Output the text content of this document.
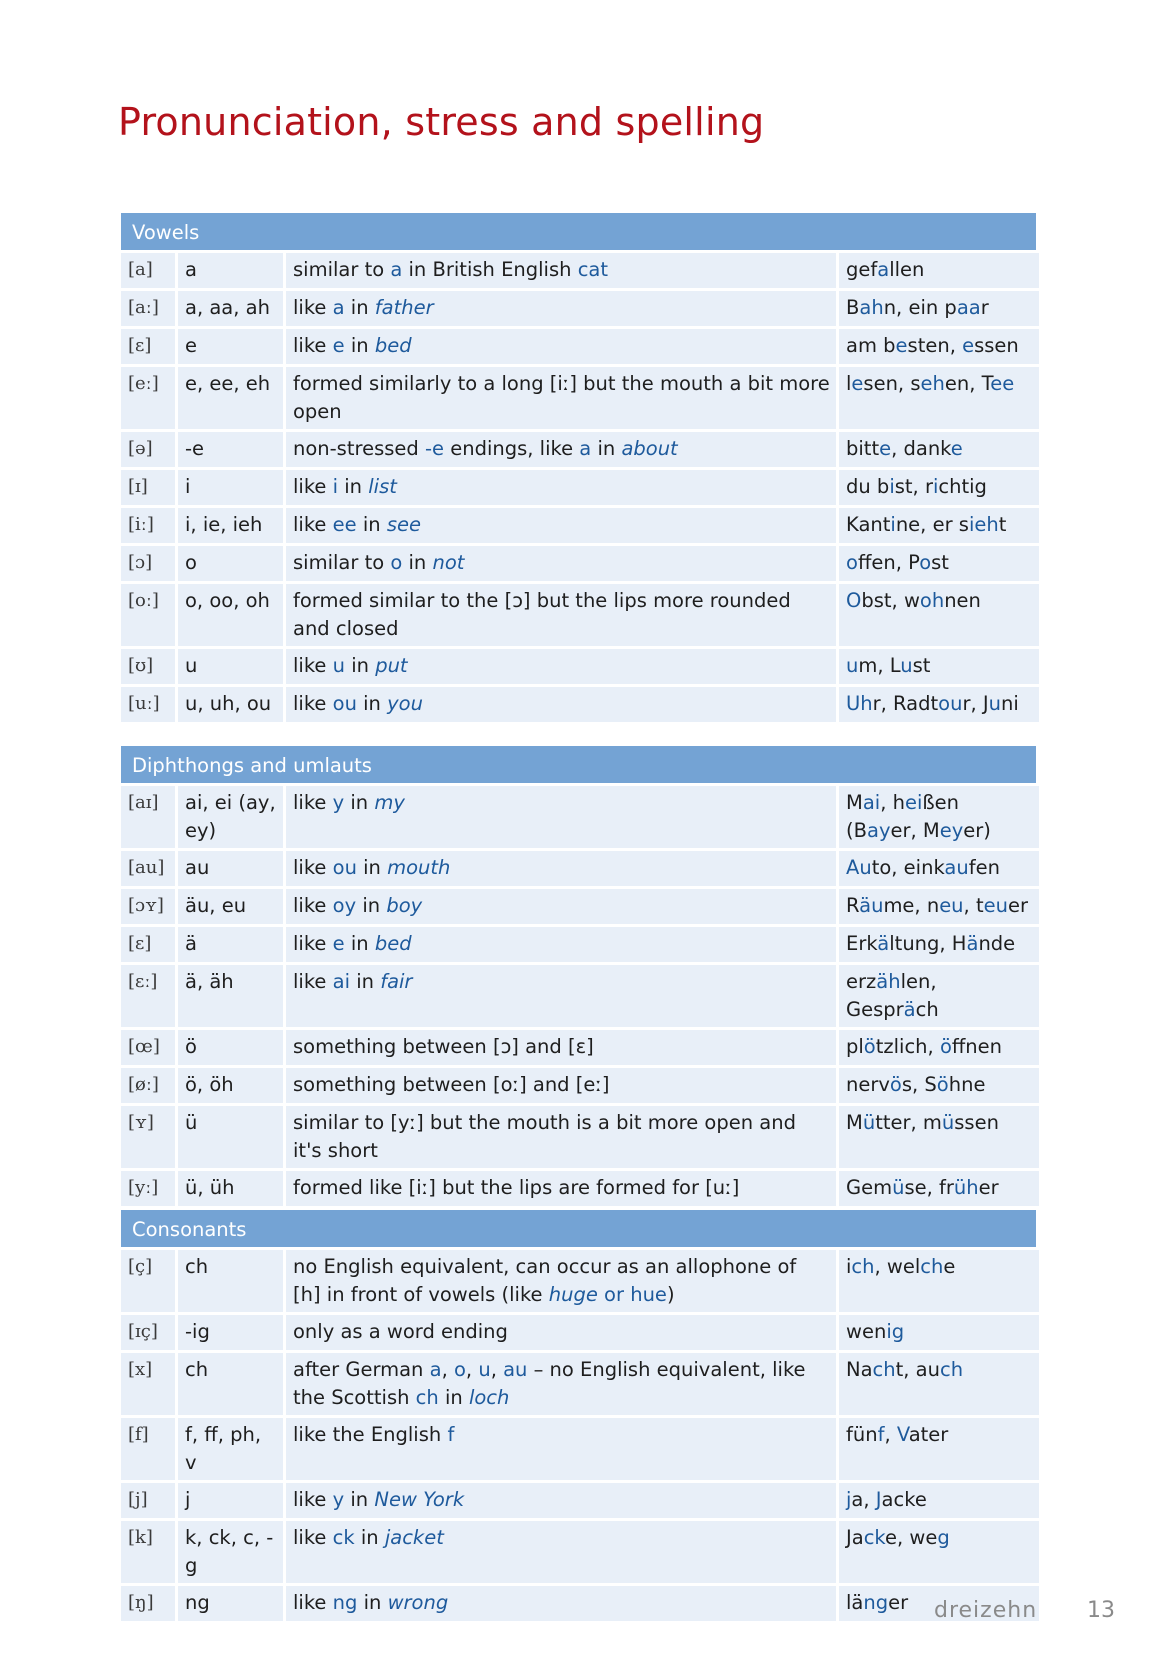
Pronunciation, stress and spelling
Vowels
[a]	a	similar to a in British English cat	gefallen
[aː]	a, aa, ah	like a in father	Bahn, ein paar
[ɛ]	e	like e in bed	am besten, essen
[eː]	e, ee, eh	formed similarly to a long [iː] but the mouth a bit more open	lesen, sehen, Tee
[ə]	-e	non-stressed -e endings, like a in about	bitte, danke
[ɪ]	i	like i in list	du bist, richtig
[iː]	i, ie, ieh	like ee in see	Kantine, er sieht
[ɔ]	o	similar to o in not	offen, Post
[oː]	o, oo, oh	formed similar to the [ɔ] but the lips more rounded and closed	Obst, wohnen
[ʊ]	u	like u in put	um, Lust
[uː]	u, uh, ou	like ou in you	Uhr, Radtour, Juni
Diphthongs and umlauts
[aɪ]	ai, ei (ay, ey)	like y in my	Mai, heißen (Bayer, Meyer)
[au]	au	like ou in mouth	Auto, einkaufen
[ɔʏ]	äu, eu	like oy in boy	Räume, neu, teuer
[ɛ]	ä	like e in bed	Erkältung, Hände
[ɛː]	ä, äh	like ai in fair	erzählen, Gespräch
[œ]	ö	something between [ɔ] and [ɛ]	plötzlich, öffnen
[øː]	ö, öh	something between [oː] and [eː]	nervös, Söhne
[ʏ]	ü	similar to [yː] but the mouth is a bit more open and it's short	Mütter, müssen
[yː]	ü, üh	formed like [iː] but the lips are formed for [uː]	Gemüse, früher
Consonants
[ç]	ch	no English equivalent, can occur as an allophone of [h] in front of vowels (like huge or hue)	ich, welche
[ɪç]	-ig	only as a word ending	wenig
[x]	ch	after German a, o, u, au – no English equivalent, like the Scottish ch in loch	Nacht, auch
[f]	f, ff, ph, v	like the English f	fünf, Vater
[j]	j	like y in New York	ja, Jacke
[k]	k, ck, c, -g	like ck in jacket	Jacke, weg
[ŋ]	ng	like ng in wrong	länger dreizehn 13
